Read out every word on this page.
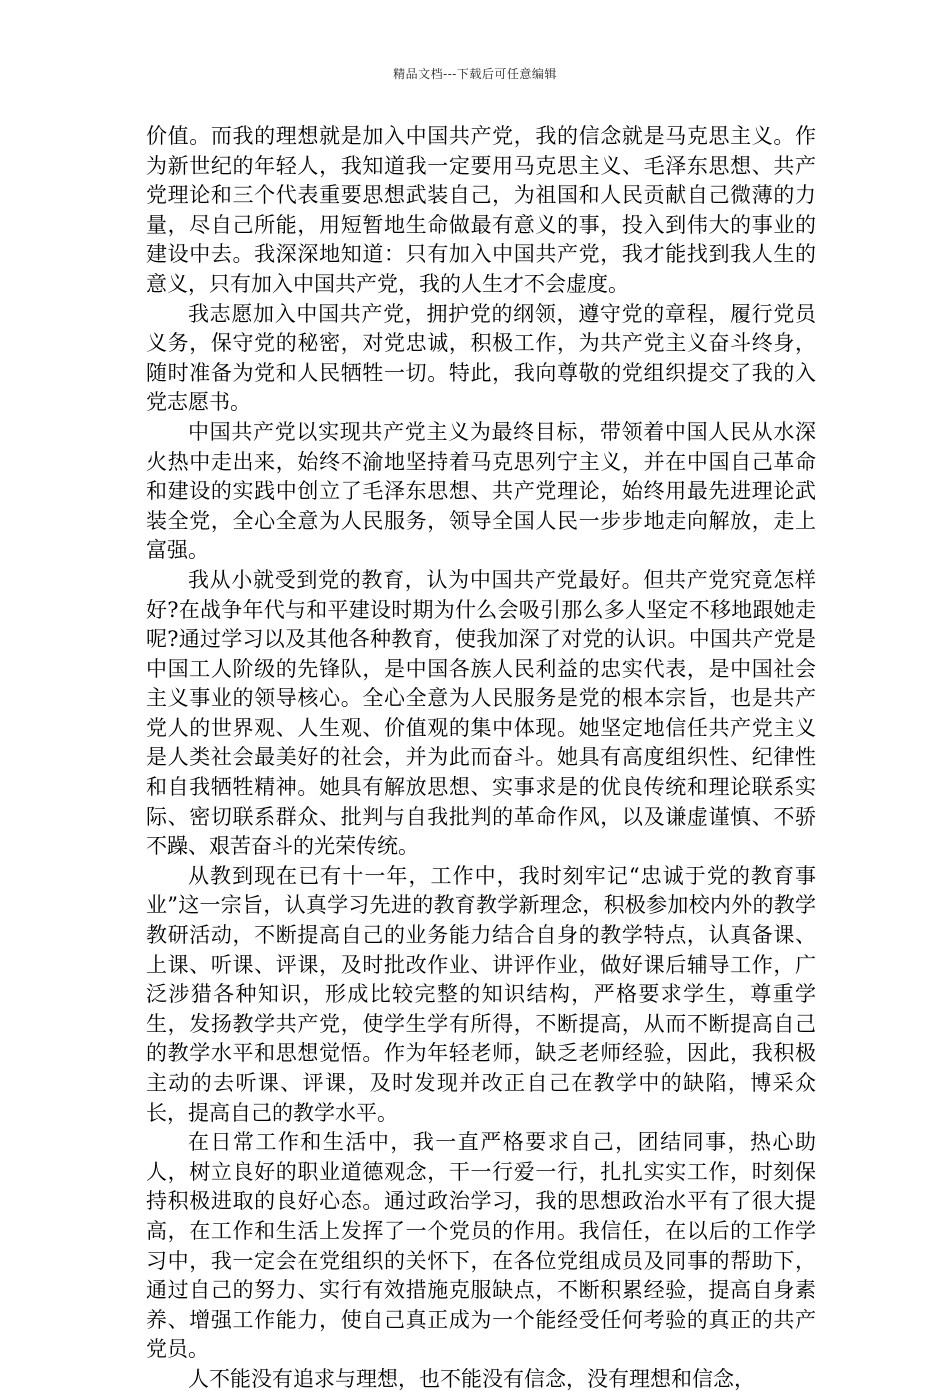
精品文档---下载后可任意编辑

价值。而我的理想就是加入中国共产党，我的信念就是马克思主义。作为新世纪的年轻人，我知道我一定要用马克思主义、毛泽东思想、共产党理论和三个代表重要思想武装自己，为祖国和人民贡献自己微薄的力量，尽自己所能，用短暂地生命做最有意义的事，投入到伟大的事业的建设中去。我深深地知道：只有加入中国共产党，我才能找到我人生的意义，只有加入中国共产党，我的人生才不会虚度。

我志愿加入中国共产党，拥护党的纲领，遵守党的章程，履行党员义务，保守党的秘密，对党忠诚，积极工作，为共产党主义奋斗终身，随时准备为党和人民牺牲一切。特此，我向尊敬的党组织提交了我的入党志愿书。

中国共产党以实现共产党主义为最终目标，带领着中国人民从水深火热中走出来，始终不渝地坚持着马克思列宁主义，并在中国自己革命和建设的实践中创立了毛泽东思想、共产党理论，始终用最先进理论武装全党，全心全意为人民服务，领导全国人民一步步地走向解放，走上富强。

我从小就受到党的教育，认为中国共产党最好。但共产党究竟怎样好?在战争年代与和平建设时期为什么会吸引那么多人坚定不移地跟她走呢?通过学习以及其他各种教育，使我加深了对党的认识。中国共产党是中国工人阶级的先锋队，是中国各族人民利益的忠实代表，是中国社会主义事业的领导核心。全心全意为人民服务是党的根本宗旨，也是共产党人的世界观、人生观、价值观的集中体现。她坚定地信任共产党主义是人类社会最美好的社会，并为此而奋斗。她具有高度组织性、纪律性和自我牺牲精神。她具有解放思想、实事求是的优良传统和理论联系实际、密切联系群众、批判与自我批判的革命作风，以及谦虚谨慎、不骄不躁、艰苦奋斗的光荣传统。

从教到现在已有十一年，工作中，我时刻牢记“忠诚于党的教育事业”这一宗旨，认真学习先进的教育教学新理念，积极参加校内外的教学教研活动，不断提高自己的业务能力结合自身的教学特点，认真备课、上课、听课、评课，及时批改作业、讲评作业，做好课后辅导工作，广泛涉猎各种知识，形成比较完整的知识结构，严格要求学生，尊重学生，发扬教学共产党，使学生学有所得，不断提高，从而不断提高自己的教学水平和思想觉悟。作为年轻老师，缺乏老师经验，因此，我积极主动的去听课、评课，及时发现并改正自己在教学中的缺陷，博采众长，提高自己的教学水平。

在日常工作和生活中，我一直严格要求自己，团结同事，热心助人，树立良好的职业道德观念，干一行爱一行，扎扎实实工作，时刻保持积极进取的良好心态。通过政治学习，我的思想政治水平有了很大提高，在工作和生活上发挥了一个党员的作用。我信任，在以后的工作学习中，我一定会在党组织的关怀下，在各位党组成员及同事的帮助下，通过自己的努力、实行有效措施克服缺点，不断积累经验，提高自身素养、增强工作能力，使自己真正成为一个能经受任何考验的真正的共产党员。

人不能没有追求与理想，也不能没有信念，没有理想和信念，
